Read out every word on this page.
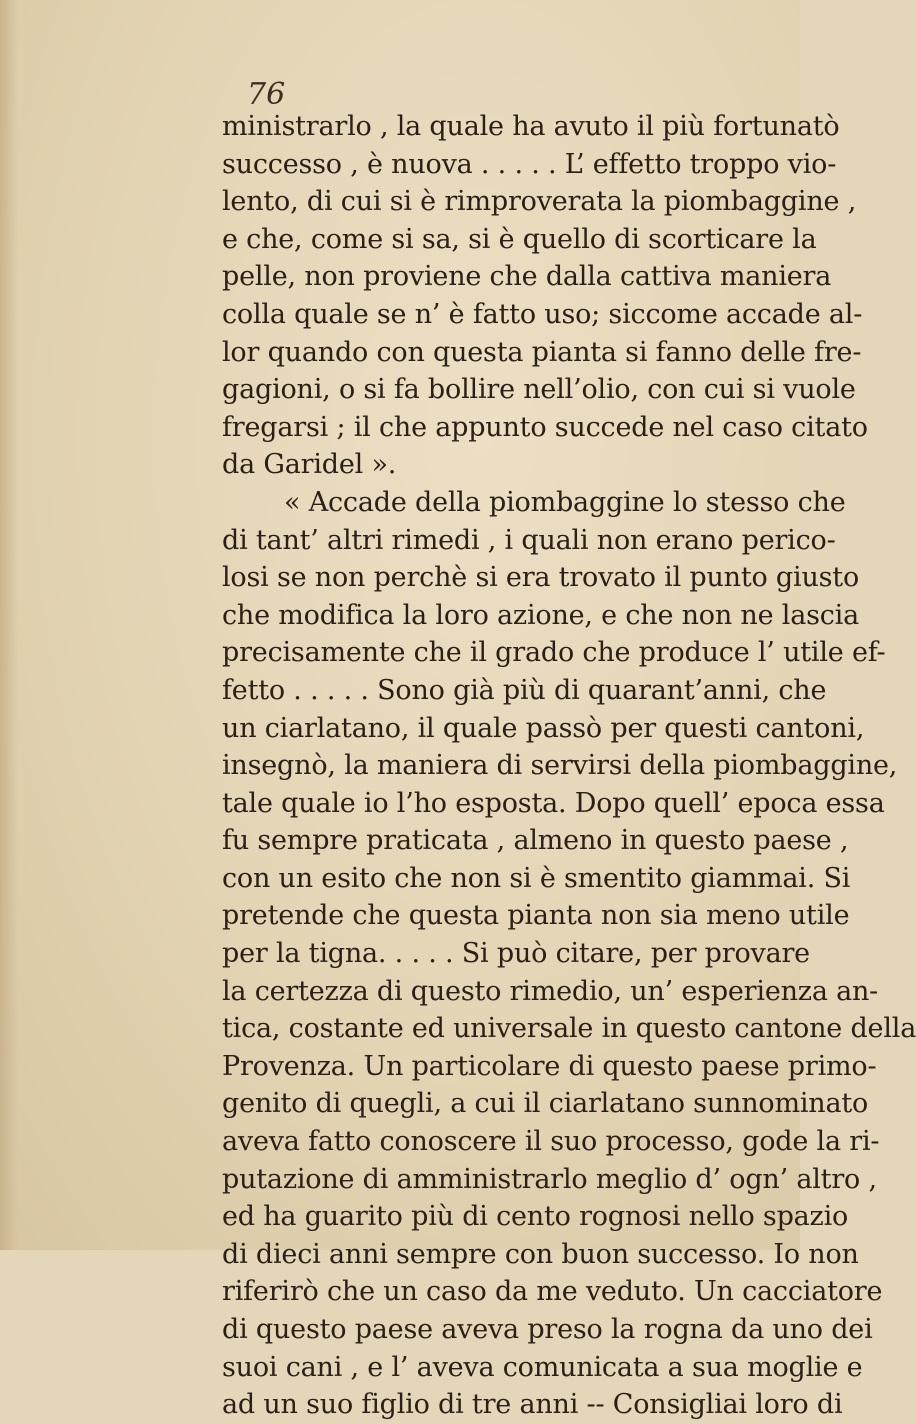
76
ministrarlo , la quale ha avuto il più fortunatò
successo , è nuova . . . . . L’ effetto troppo vio-
lento, di cui si è rimproverata la piombaggine ,
e che, come si sa, si è quello di scorticare la
pelle, non proviene che dalla cattiva maniera
colla quale se n’ è fatto uso; siccome accade al-
lor quando con questa pianta si fanno delle fre-
gagioni, o si fa bollire nell’olio, con cui si vuole
fregarsi ; il che appunto succede nel caso citato
da Garidel ».
« Accade della piombaggine lo stesso che
di tant’ altri rimedi , i quali non erano perico-
losi se non perchè si era trovato il punto giusto
che modifica la loro azione, e che non ne lascia
precisamente che il grado che produce l’ utile ef-
fetto . . . . . Sono già più di quarant’anni, che
un ciarlatano, il quale passò per questi cantoni,
insegnò, la maniera di servirsi della piombaggine,
tale quale io l’ho esposta. Dopo quell’ epoca essa
fu sempre praticata , almeno in questo paese ,
con un esito che non si è smentito giammai. Si
pretende che questa pianta non sia meno utile
per la tigna. . . . . Si può citare, per provare
la certezza di questo rimedio, un’ esperienza an-
tica, costante ed universale in questo cantone della
Provenza. Un particolare di questo paese primo-
genito di quegli, a cui il ciarlatano sunnominato
aveva fatto conoscere il suo processo, gode la ri-
putazione di amministrarlo meglio d’ ogn’ altro ,
ed ha guarito più di cento rognosi nello spazio
di dieci anni sempre con buon successo. Io non
riferirò che un caso da me veduto. Un cacciatore
di questo paese aveva preso la rogna da uno dei
suoi cani , e l’ aveva comunicata a sua moglie e
ad un suo figlio di tre anni -- Consigliai loro di
